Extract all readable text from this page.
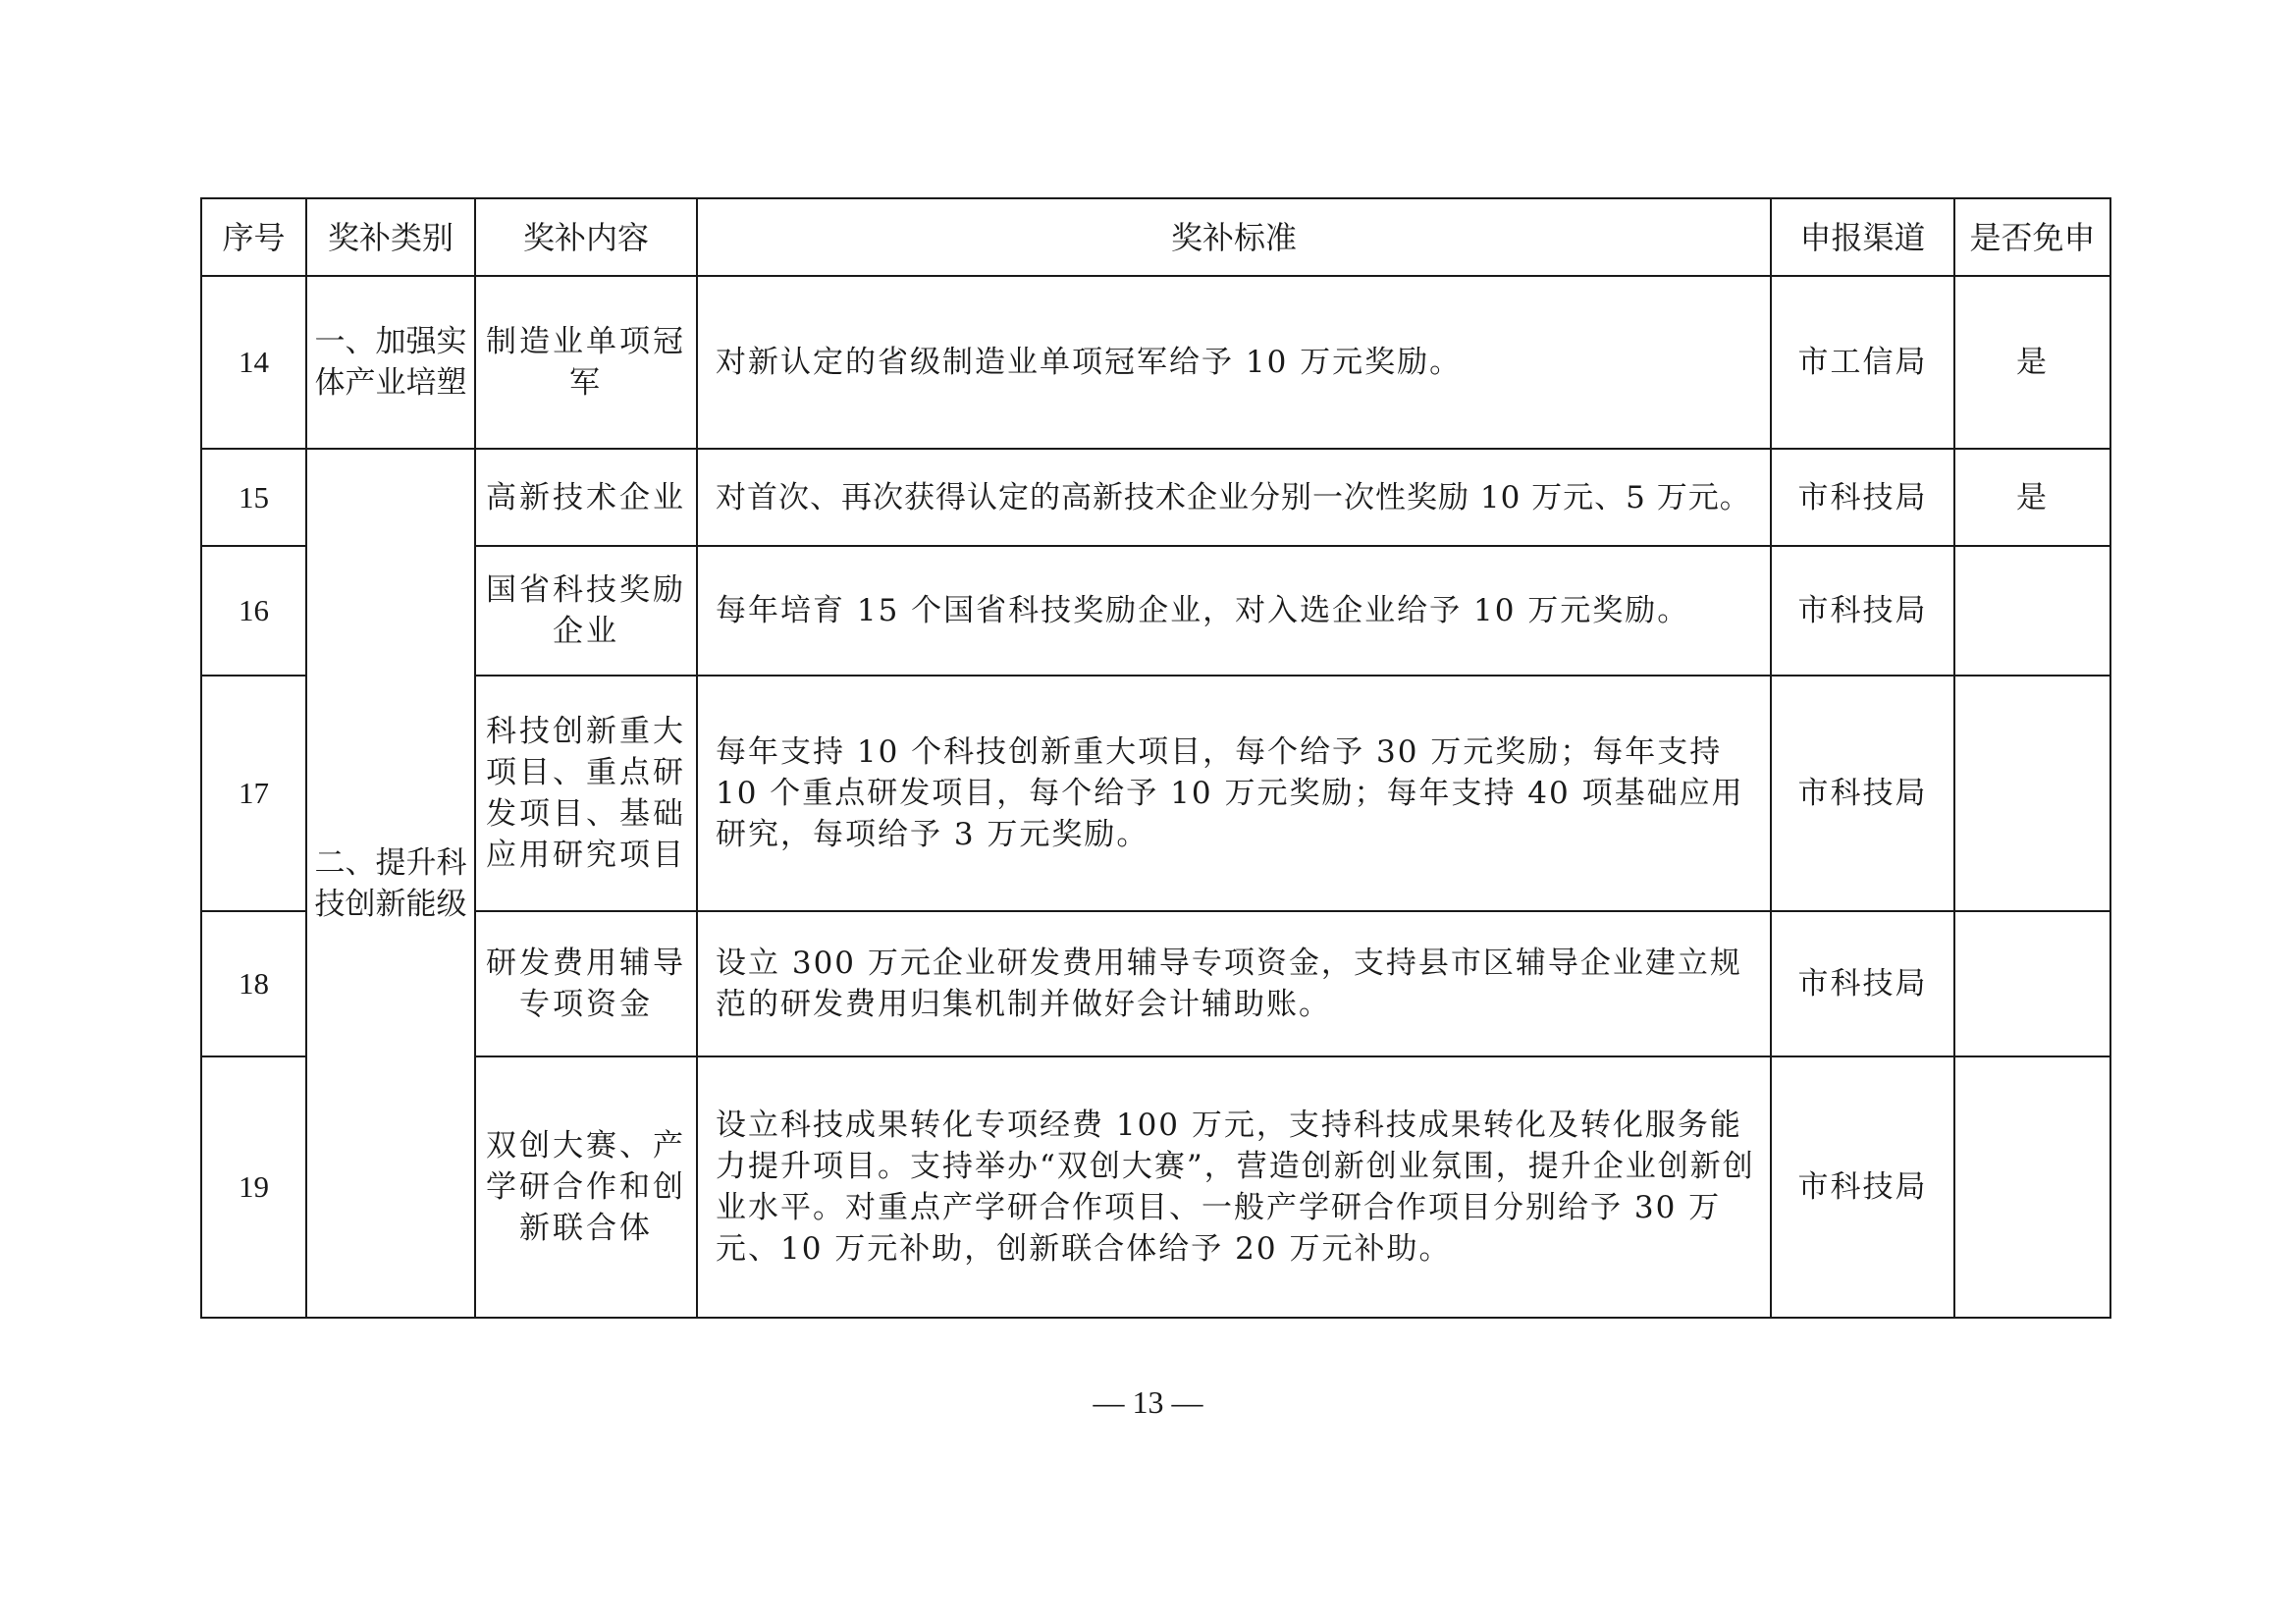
序号	奖补类别	奖补内容	奖补标准	申报渠道	是否免申
14	一、加强实体产业培塑	制造业单项冠军	对新认定的省级制造业单项冠军给予 10 万元奖励。	市工信局	是
15	二、提升科技创新能级	高新技术企业	对首次、再次获得认定的高新技术企业分别一次性奖励 10 万元、5 万元。	市科技局	是
16		国省科技奖励企业	每年培育 15 个国省科技奖励企业，对入选企业给予 10 万元奖励。	市科技局	
17		科技创新重大项目、重点研发项目、基础应用研究项目	每年支持 10 个科技创新重大项目，每个给予 30 万元奖励；每年支持 10 个重点研发项目，每个给予 10 万元奖励；每年支持 40 项基础应用研究，每项给予 3 万元奖励。	市科技局	
18		研发费用辅导专项资金	设立 300 万元企业研发费用辅导专项资金，支持县市区辅导企业建立规范的研发费用归集机制并做好会计辅助账。	市科技局	
19		双创大赛、产学研合作和创新联合体	设立科技成果转化专项经费 100 万元，支持科技成果转化及转化服务能力提升项目。支持举办“双创大赛”，营造创新创业氛围，提升企业创新创业水平。对重点产学研合作项目、一般产学研合作项目分别给予 30 万元、10 万元补助，创新联合体给予 20 万元补助。	市科技局	
— 13 —
